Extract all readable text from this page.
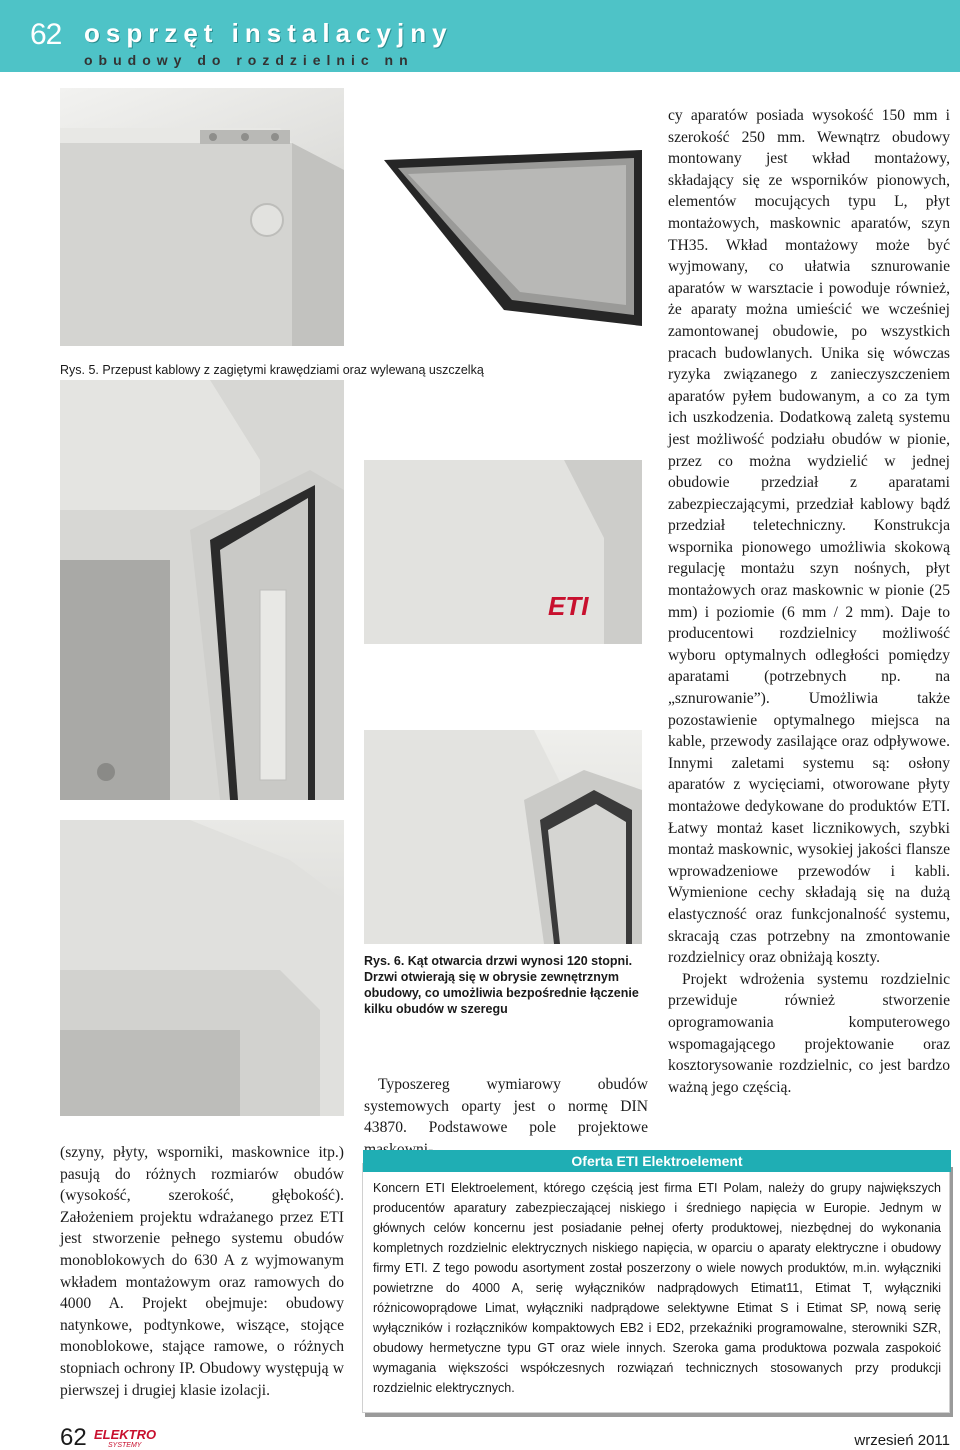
62 osprzęt instalacyjny
obudowy do rozdzielnic nn
Rys. 5. Przepust kablowy z zagiętymi krawędziami oraz wylewaną uszczelką
ETI
Rys. 6. Kąt otwarcia drzwi wynosi 120 stopni. Drzwi otwierają się w obrysie zewnętrznym obudowy, co umożliwia bezpośrednie łączenie kilku obudów w szeregu

(szyny, płyty, wsporniki, maskownice itp.) pasują do różnych rozmiarów obudów (wysokość, szerokość, głębokość). Założeniem projektu wdrażanego przez ETI jest stworzenie pełnego systemu obudów monoblokowych do 630 A z wyjmowanym wkładem montażowym oraz ramowych do 4000 A. Projekt obejmuje: obudowy natynkowe, podtynkowe, wiszące, stojące monoblokowe, stające ramowe, o różnych stopniach ochrony IP. Obudowy występują w pierwszej i drugiej klasie izolacji.

Typoszereg wymiarowy obudów systemowych oparty jest o normę DIN 43870. Podstawowe pole projektowe

cy aparatów posiada wysokość 150 mm i szerokość 250 mm. Wewnątrz obudowy montowany jest wkład montażowy, składający się ze wsporników pionowych, elementów mocujących typu L, płyt montażowych, maskownic aparatów, szyn TH35. Wkład montażowy może być wyjmowany, co ułatwia sznurowanie aparatów w warsztacie i powoduje również, że aparaty można umieścić we wcześniej zamontowanej obudowie, po wszystkich pracach budowlanych. Unika się wówczas ryzyka związanego z zanieczyszczeniem aparatów pyłem budowanym, a co za tym ich uszkodzenia. Dodatkową zaletą systemu jest możliwość podziału obudów w pionie, przez co można wydzielić w jednej obudowie przedział z aparatami zabezpieczającymi, przedział kablowy bądź przedział teletechniczny. Konstrukcja wspornika pionowego umożliwia skokową regulację montażu szyn nośnych, płyt montażowych oraz maskownic w pionie (25 mm) i poziomie (6 mm / 2 mm). Daje to producentowi rozdzielnicy możliwość wyboru optymalnych odległości pomiędzy aparatami (potrzebnych np. na „sznurowanie”). Umożliwia także pozostawienie optymalnego miejsca na kable, przewody zasilające oraz odpływowe. Innymi zaletami systemu są: osłony aparatów z wycięciami, otworowane płyty montażowe dedykowane do produktów ETI. Łatwy montaż kaset licznikowych, szybki montaż maskownic, wysokiej jakości flansze wprowadzeniowe przewodów i kabli. Wymienione cechy składają się na dużą elastyczność oraz funkcjonalność systemu, skracają czas potrzebny na zmontowanie rozdzielnicy oraz obniżają koszty.

Projekt wdrożenia systemu rozdzielnic przewiduje również stworzenie oprogramowania komputerowego wspomagającego projektowanie oraz kosztorysowanie rozdzielnic, co jest bardzo ważną jego częścią.

Oferta ETI Elektroelement
Koncern ETI Elektroelement, którego częścią jest firma ETI Polam, należy do grupy największych producentów aparatury zabezpieczającej niskiego i średniego napięcia w Europie. Jednym w głównych celów koncernu jest posiadanie pełnej oferty produktowej, niezbędnej do wykonania kompletnych rozdzielnic elektrycznych niskiego napięcia, w oparciu o aparaty elektryczne i obudowy firmy ETI. Z tego powodu asortyment został poszerzony o wiele nowych produktów, m.in. wyłączniki powietrzne do 4000 A, serię wyłączników nadprądowych Etimat11, Etimat T, wyłączniki różnicowoprądowe Limat, wyłączniki nadprądowe selektywne Etimat S i Etimat SP, nową serię wyłączników i rozłączników kompaktowych EB2 i ED2, przekaźniki programowalne, sterowniki SZR, obudowy hermetyczne typu GT oraz wiele innych. Szeroka gama produktowa pozwala zaspokoić wymagania większości współczesnych rozwiązań technicznych stosowanych przy produkcji rozdzielnic elektrycznych.
62 ELEKTRO
SYSTEMY	wrzesień 2011
